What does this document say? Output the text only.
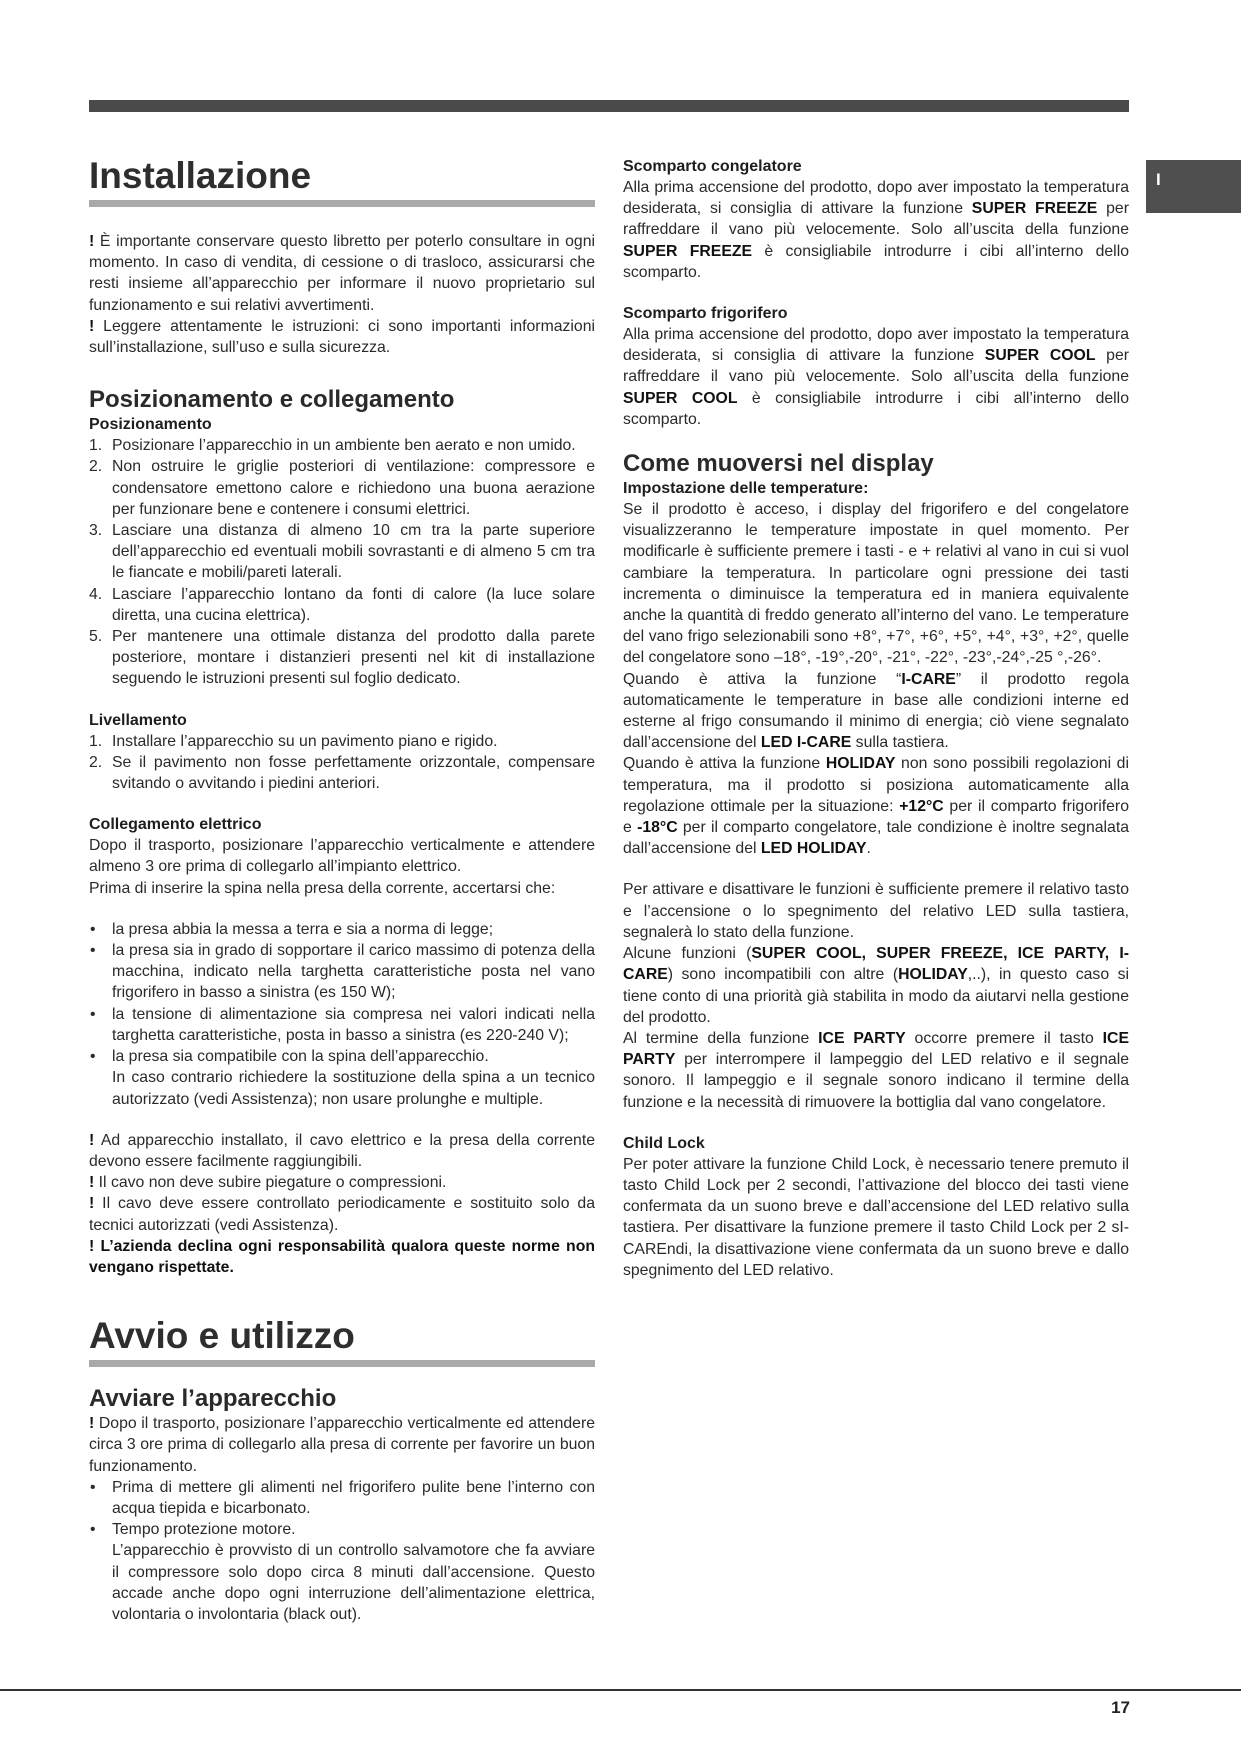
I
Installazione

! È importante conservare questo libretto per poterlo consultare in ogni momento. In caso di vendita, di cessione o di trasloco, assicurarsi che resti insieme all’apparecchio per informare il nuovo proprietario sul funzionamento e sui relativi avvertimenti.

! Leggere attentamente le istruzioni: ci sono importanti informazioni sull’installazione, sull’uso e sulla sicurezza.

Posizionamento e collegamento
Posizionamento
1. Posizionare l’apparecchio in un ambiente ben aerato e non umido.
2. Non ostruire le griglie posteriori di ventilazione: compressore e condensatore emettono calore e richiedono una buona aerazione per funzionare bene e contenere i consumi elettrici.
3. Lasciare una distanza di almeno 10 cm tra la parte superiore dell’apparecchio ed eventuali mobili sovrastanti e di almeno 5 cm tra le fiancate e mobili/pareti laterali.
4. Lasciare l’apparecchio lontano da fonti di calore (la luce solare diretta, una cucina elettrica).
5. Per mantenere una ottimale distanza del prodotto dalla parete posteriore, montare i distanzieri presenti nel kit di installazione seguendo le istruzioni presenti sul foglio dedicato.
Livellamento
1. Installare l’apparecchio su un pavimento piano e rigido.
2. Se il pavimento non fosse perfettamente orizzontale, compensare svitando o avvitando i piedini anteriori.
Collegamento elettrico

Dopo il trasporto, posizionare l’apparecchio verticalmente e attendere almeno 3 ore prima di collegarlo all’impianto elettrico.

Prima di inserire la spina nella presa della corrente, accertarsi che:

• la presa abbia la messa a terra e sia a norma di legge;
• la presa sia in grado di sopportare il carico massimo di potenza della macchina, indicato nella targhetta caratteristiche posta nel vano frigorifero in basso a sinistra (es 150 W);
• la tensione di alimentazione sia compresa nei valori indicati nella targhetta caratteristiche, posta in basso a sinistra (es 220-240 V);
• la presa sia compatibile con la spina dell’apparecchio.

In caso contrario richiedere la sostituzione della spina a un tecnico autorizzato (vedi Assistenza); non usare prolunghe e multiple.

! Ad apparecchio installato, il cavo elettrico e la presa della corrente devono essere facilmente raggiungibili.

! Il cavo non deve subire piegature o compressioni.

! Il cavo deve essere controllato periodicamente e sostituito solo da tecnici autorizzati (vedi Assistenza).

! L’azienda declina ogni responsabilità qualora queste norme non vengano rispettate.

Avvio e utilizzo
Avviare l’apparecchio

! Dopo il trasporto, posizionare l’apparecchio verticalmente ed attendere circa 3 ore prima di collegarlo alla presa di corrente per favorire un buon funzionamento.

• Prima di mettere gli alimenti nel frigorifero pulite bene l’interno con acqua tiepida e bicarbonato.
• Tempo protezione motore.

L’apparecchio è provvisto di un controllo salvamotore che fa avviare il compressore solo dopo circa 8 minuti dall’accensione. Questo accade anche dopo ogni interruzione dell’alimentazione elettrica, volontaria o involontaria (black out).

Scomparto congelatore

Alla prima accensione del prodotto, dopo aver impostato la temperatura desiderata, si consiglia di attivare la funzione SUPER FREEZE per raffreddare il vano più velocemente. Solo all’uscita della funzione SUPER FREEZE è consigliabile introdurre i cibi all’interno dello scomparto.

Scomparto frigorifero

Alla prima accensione del prodotto, dopo aver impostato la temperatura desiderata, si consiglia di attivare la funzione SUPER COOL per raffreddare il vano più velocemente. Solo all’uscita della funzione SUPER COOL è consigliabile introdurre i cibi all’interno dello scomparto.

Come muoversi nel display
Impostazione delle temperature:

Se il prodotto è acceso, i display del frigorifero e del congelatore visualizzeranno le temperature impostate in quel momento. Per modificarle è sufficiente premere i tasti - e + relativi al vano in cui si vuol cambiare la temperatura. In particolare ogni pressione dei tasti incrementa o diminuisce la temperatura ed in maniera equivalente anche la quantità di freddo generato all’interno del vano. Le temperature del vano frigo selezionabili sono +8°, +7°, +6°, +5°, +4°, +3°, +2°, quelle del congelatore sono –18°, -19°,-20°, -21°, -22°, -23°,-24°,-25 °,-26°.

Quando è attiva la funzione “I-CARE” il prodotto regola automaticamente le temperature in base alle condizioni interne ed esterne al frigo consumando il minimo di energia; ciò viene segnalato dall’accensione del LED I-CARE sulla tastiera.

Quando è attiva la funzione HOLIDAY non sono possibili regolazioni di temperatura, ma il prodotto si posiziona automaticamente alla regolazione ottimale per la situazione: +12°C per il comparto frigorifero e -18°C per il comparto congelatore, tale condizione è inoltre segnalata dall’accensione del LED HOLIDAY.

Per attivare e disattivare le funzioni è sufficiente premere il relativo tasto e l’accensione o lo spegnimento del relativo LED sulla tastiera, segnalerà lo stato della funzione.

Alcune funzioni (SUPER COOL, SUPER FREEZE, ICE PARTY, I-CARE) sono incompatibili con altre (HOLIDAY,..), in questo caso si tiene conto di una priorità già stabilita in modo da aiutarvi nella gestione del prodotto.

Al termine della funzione ICE PARTY occorre premere il tasto ICE PARTY per interrompere il lampeggio del LED relativo e il segnale sonoro. Il lampeggio e il segnale sonoro indicano il termine della funzione e la necessità di rimuovere la bottiglia dal vano congelatore.

Child Lock

Per poter attivare la funzione Child Lock, è necessario tenere premuto il tasto Child Lock per 2 secondi, l’attivazione del blocco dei tasti viene confermata da un suono breve e dall’accensione del LED relativo sulla tastiera. Per disattivare la funzione premere il tasto Child Lock per 2 sI-CAREndi, la disattivazione viene confermata da un suono breve e dallo spegnimento del LED relativo.

17
